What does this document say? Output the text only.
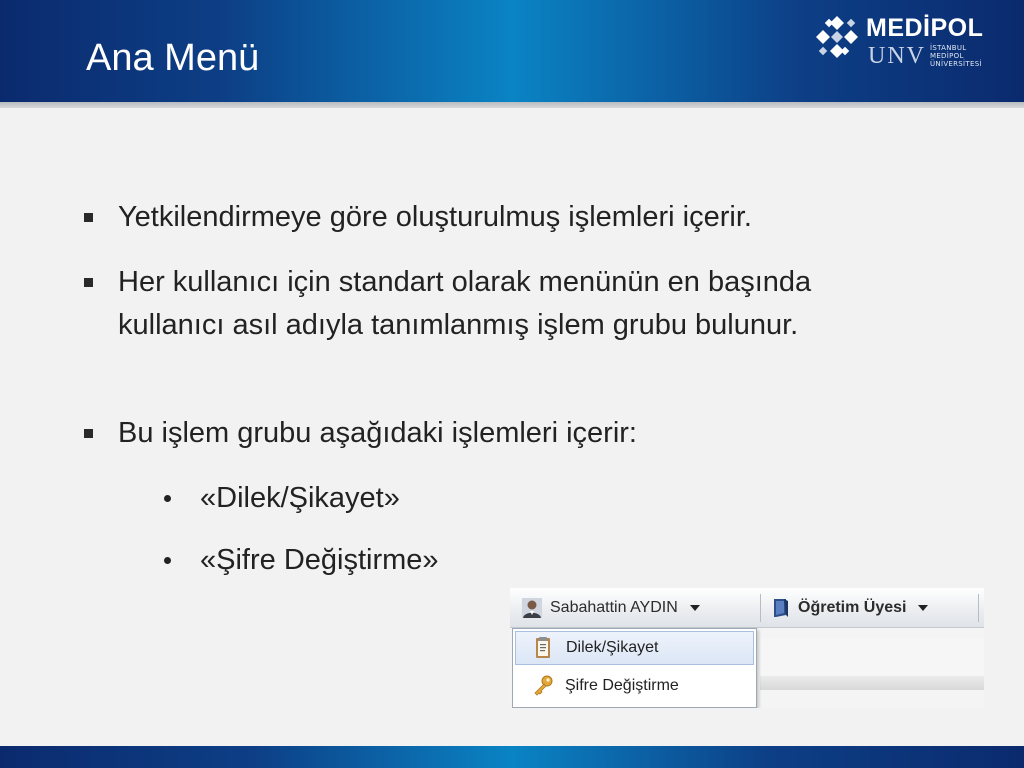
Ana Menü
MEDİPOL
UNV İSTANBUL
MEDİPOL
ÜNİVERSİTESİ
Yetkilendirmeye göre oluşturulmuş işlemleri içerir.
Her kullanıcı için standart olarak menünün en başında kullanıcı asıl adıyla tanımlanmış işlem grubu bulunur.
Bu işlem grubu aşağıdaki işlemleri içerir:
«Dilek/Şikayet»
«Şifre Değiştirme»
Sabahattin AYDIN	Öğretim Üyesi
Dilek/Şikayet
Şifre Değiştirme
